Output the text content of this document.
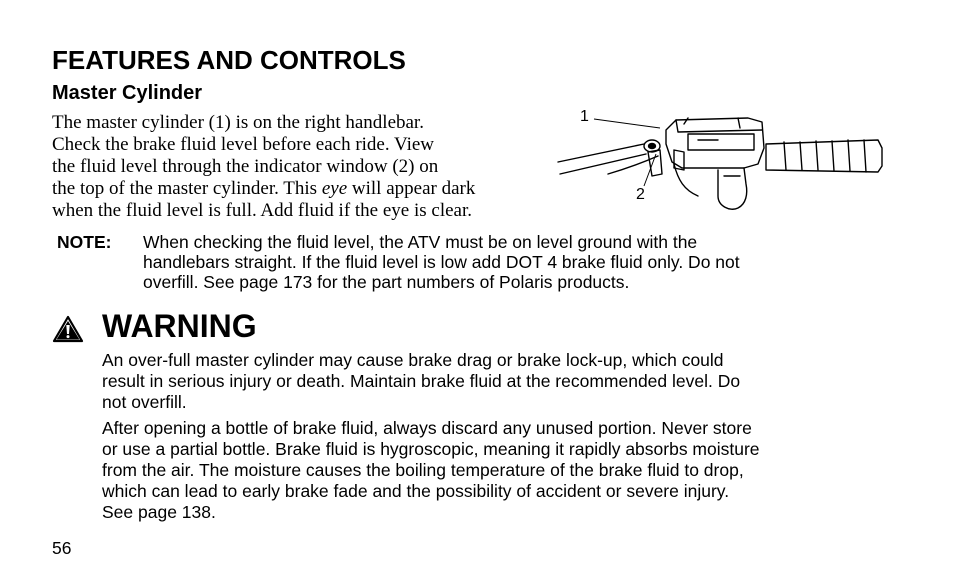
FEATURES AND CONTROLS
Master Cylinder
The master cylinder (1) is on the right handlebar.
Check the brake fluid level before each ride. View
the fluid level through the indicator window (2) on
the top of the master cylinder. This eye will appear dark
when the fluid level is full. Add fluid if the eye is clear.
1
2
NOTE: When checking the fluid level, the ATV must be on level ground with the
handlebars straight. If the fluid level is low add DOT 4 brake fluid only. Do not
overfill. See page 173 for the part numbers of Polaris products.
WARNING
An over-full master cylinder may cause brake drag or brake lock-up, which could
result in serious injury or death. Maintain brake fluid at the recommended level. Do
not overfill.
After opening a bottle of brake fluid, always discard any unused portion. Never store
or use a partial bottle. Brake fluid is hygroscopic, meaning it rapidly absorbs moisture
from the air. The moisture causes the boiling temperature of the brake fluid to drop,
which can lead to early brake fade and the possibility of accident or severe injury.
See page 138.
56
